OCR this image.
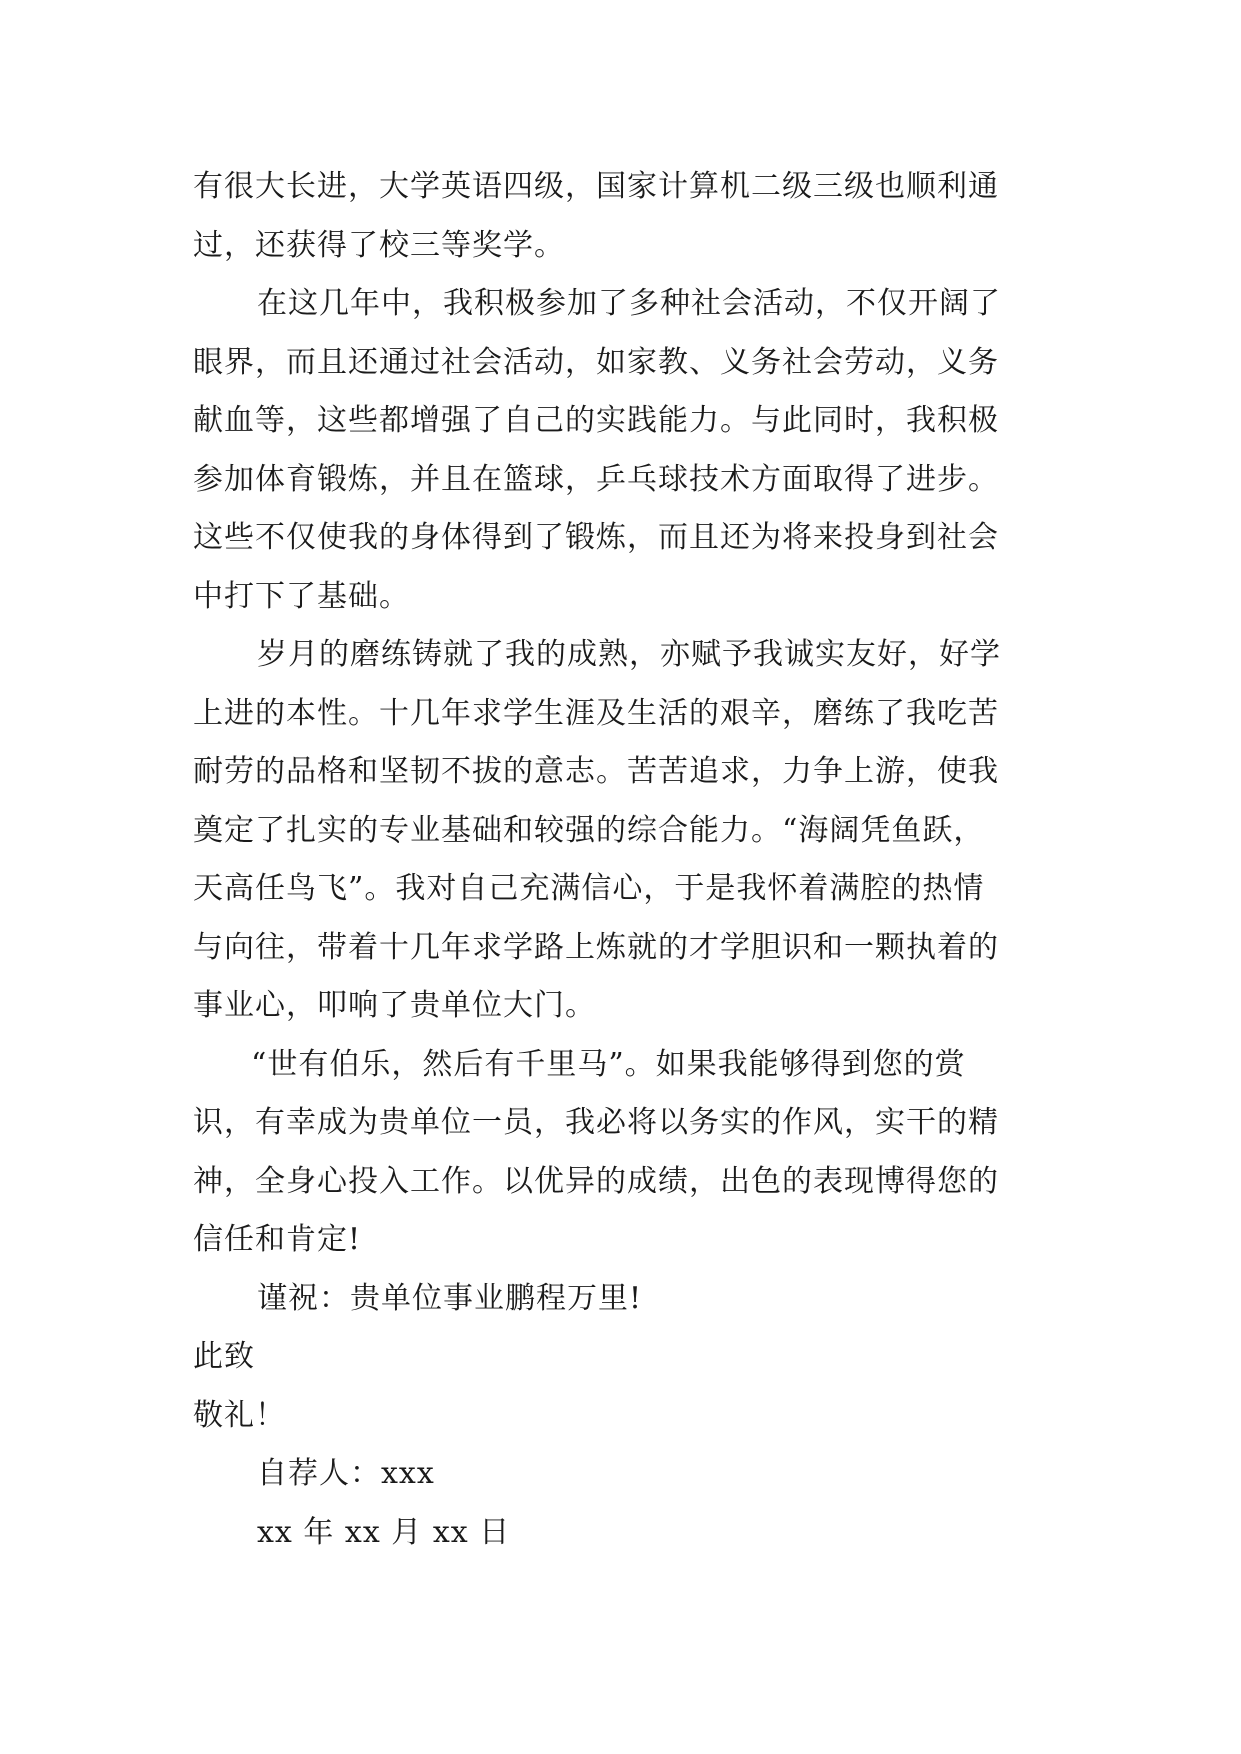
有很大长进，大学英语四级，国家计算机二级三级也顺利通
过，还获得了校三等奖学。
在这几年中，我积极参加了多种社会活动，不仅开阔了
眼界，而且还通过社会活动，如家教、义务社会劳动，义务
献血等，这些都增强了自己的实践能力。与此同时，我积极
参加体育锻炼，并且在篮球，乒乓球技术方面取得了进步。
这些不仅使我的身体得到了锻炼，而且还为将来投身到社会
中打下了基础。
岁月的磨练铸就了我的成熟，亦赋予我诚实友好，好学
上进的本性。十几年求学生涯及生活的艰辛，磨练了我吃苦
耐劳的品格和坚韧不拔的意志。苦苦追求，力争上游，使我
奠定了扎实的专业基础和较强的综合能力。“海阔凭鱼跃，
天高任鸟飞”。我对自己充满信心，于是我怀着满腔的热情
与向往，带着十几年求学路上炼就的才学胆识和一颗执着的
事业心，叩响了贵单位大门。
“世有伯乐，然后有千里马”。如果我能够得到您的赏
识，有幸成为贵单位一员，我必将以务实的作风，实干的精
神，全身心投入工作。以优异的成绩，出色的表现博得您的
信任和肯定!
谨祝：贵单位事业鹏程万里!
此致
敬礼！
自荐人：xxx
xx 年 xx 月 xx 日
